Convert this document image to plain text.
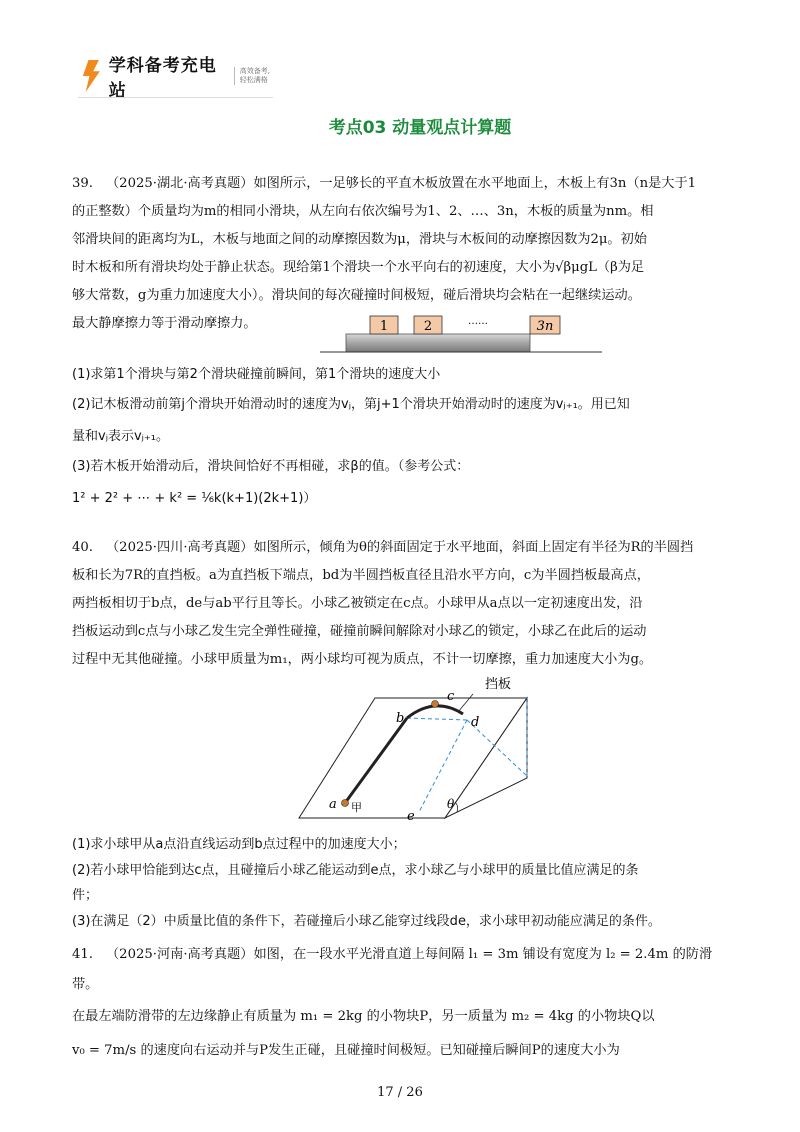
学科备考充电站
高效备考,
轻松满格
考点03 动量观点计算题

39. （2025·湖北·高考真题）如图所示，一足够长的平直木板放置在水平地面上，木板上有3n（n是大于1

的正整数）个质量均为m的相同小滑块，从左向右依次编号为1、2、…、3n，木板的质量为nm。相

邻滑块间的距离均为L，木板与地面之间的动摩擦因数为μ，滑块与木板间的动摩擦因数为2μ。初始

时木板和所有滑块均处于静止状态。现给第1个滑块一个水平向右的初速度，大小为√βμgL（β为足

够大常数，g为重力加速度大小）。滑块间的每次碰撞时间极短，碰后滑块均会粘在一起继续运动。

最大静摩擦力等于滑动摩擦力。	1	2	……	3n

(1)求第1个滑块与第2个滑块碰撞前瞬间，第1个滑块的速度大小

(2)记木板滑动前第j个滑块开始滑动时的速度为vⱼ，第j+1个滑块开始滑动时的速度为vⱼ₊₁。用已知

量和vⱼ表示vⱼ₊₁。

(3)若木板开始滑动后，滑块间恰好不再相碰，求β的值。（参考公式：

1² + 2² + ⋯ + k² = ⅙k(k+1)(2k+1)）

40. （2025·四川·高考真题）如图所示，倾角为θ的斜面固定于水平地面，斜面上固定有半径为R的半圆挡

板和长为7R的直挡板。a为直挡板下端点，bd为半圆挡板直径且沿水平方向，c为半圆挡板最高点，

两挡板相切于b点，de与ab平行且等长。小球乙被锁定在c点。小球甲从a点以一定初速度出发，沿

挡板运动到c点与小球乙发生完全弹性碰撞，碰撞前瞬间解除对小球乙的锁定，小球乙在此后的运动

过程中无其他碰撞。小球甲质量为m₁，两小球均可视为质点，不计一切摩擦，重力加速度大小为g。

挡板
a 甲
b
c
d
e
θ

(1)求小球甲从a点沿直线运动到b点过程中的加速度大小；

(2)若小球甲恰能到达c点，且碰撞后小球乙能运动到e点，求小球乙与小球甲的质量比值应满足的条

件；

(3)在满足（2）中质量比值的条件下，若碰撞后小球乙能穿过线段de，求小球甲初动能应满足的条件。

41. （2025·河南·高考真题）如图，在一段水平光滑直道上每间隔 l₁ = 3m 铺设有宽度为 l₂ = 2.4m 的防滑带。

在最左端防滑带的左边缘静止有质量为 m₁ = 2kg 的小物块P，另一质量为 m₂ = 4kg 的小物块Q以

v₀ = 7m/s 的速度向右运动并与P发生正碰，且碰撞时间极短。已知碰撞后瞬间P的速度大小为

17 / 26
